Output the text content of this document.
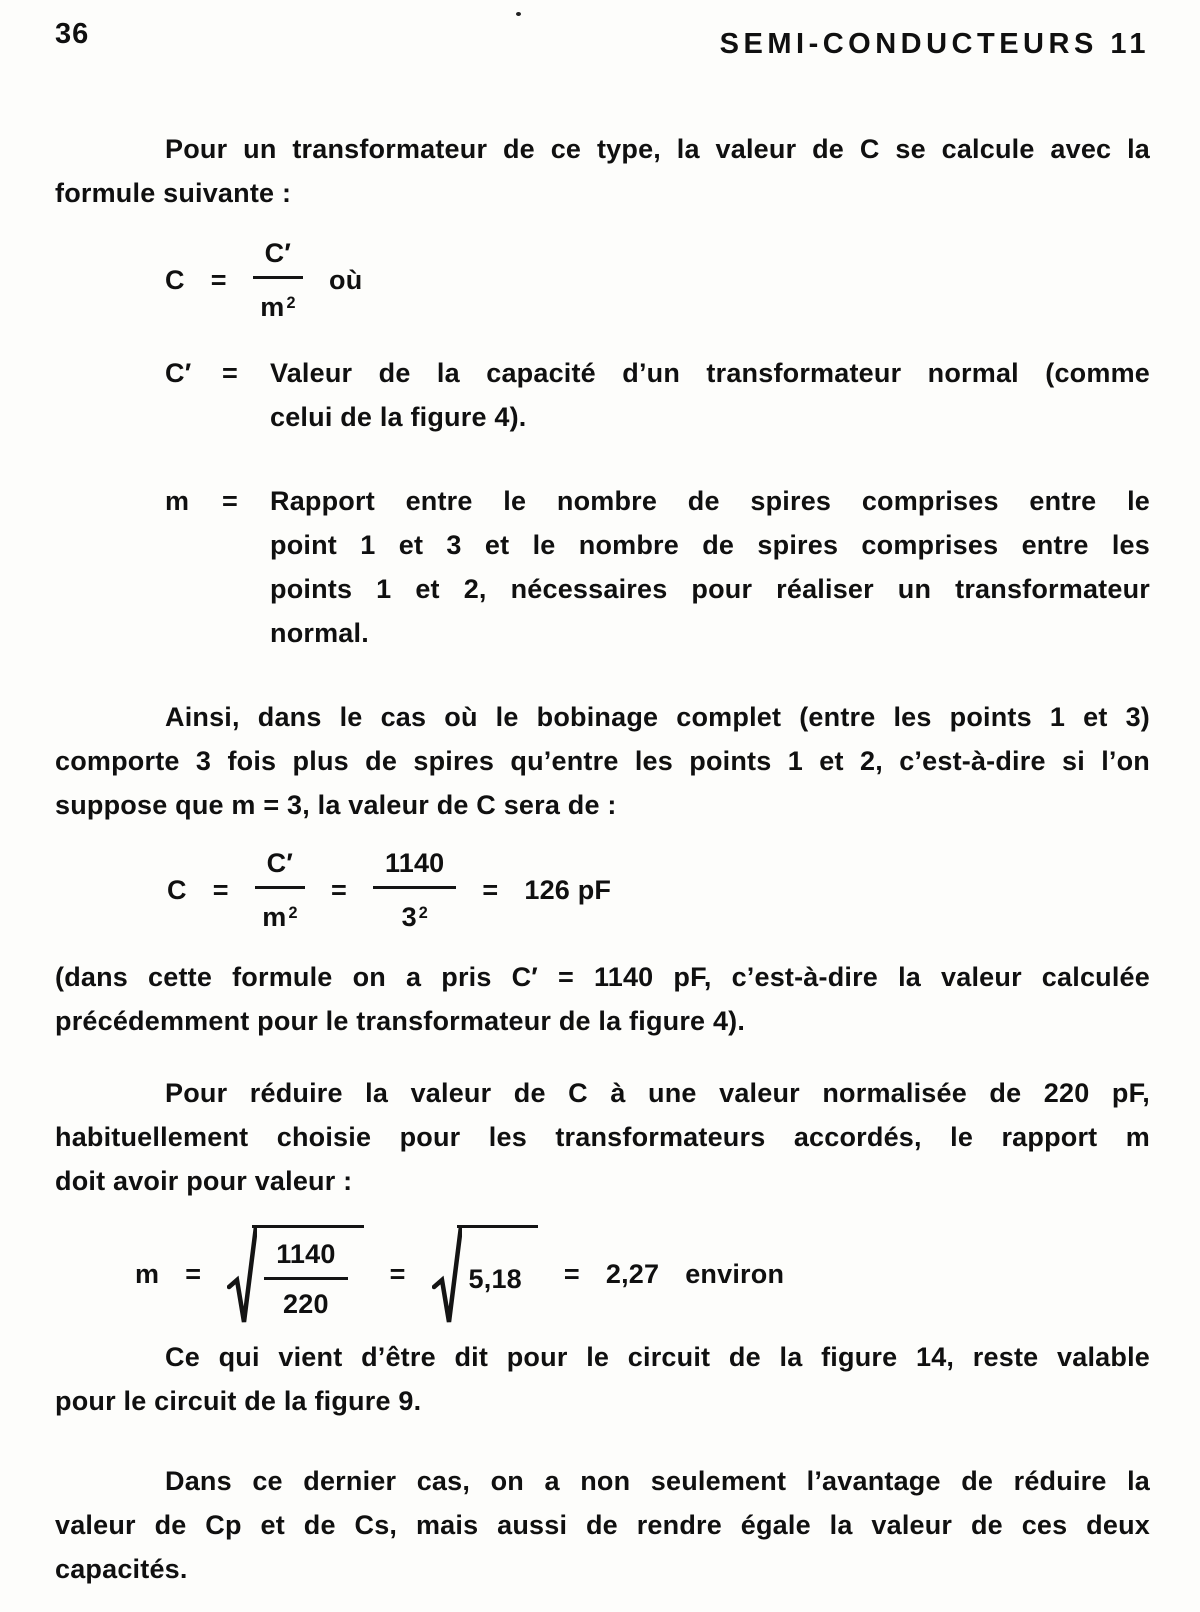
36	SEMI-CONDUCTEURS 11
Pour un transformateur de ce type, la valeur de C se calcule avec la
formule suivante :
$C = \frac{C'}{m ^2}$ où
C′	=	Valeur de la capacité d’un transformateur normal (comme
celui de la figure 4).
m	=	Rapport entre le nombre de spires comprises entre le
point 1 et 3 et le nombre de spires comprises entre les
points 1 et 2, nécessaires pour réaliser un transformateur
normal.
Ainsi, dans le cas où le bobinage complet (entre les points 1 et 3)
comporte 3 fois plus de spires qu’entre les points 1 et 2, c’est-à-dire si l’on
suppose que m = 3, la valeur de C sera de :
$C = \frac{C'}{m ^2} = \frac{1140}{3 ^2} = 126$ pF
(dans cette formule on a pris C′ = 1140 pF, c’est-à-dire la valeur calculée
précédemment pour le transformateur de la figure 4).
Pour réduire la valeur de C à une valeur normalisée de 220 pF,
habituellement choisie pour les transformateurs accordés, le rapport m
doit avoir pour valeur :
$m = \frac{1140}{220} = 5,18 = 2,27$ environ
Ce qui vient d’être dit pour le circuit de la figure 14, reste valable
pour le circuit de la figure 9.
Dans ce dernier cas, on a non seulement l’avantage de réduire la
valeur de Cp et de Cs, mais aussi de rendre égale la valeur de ces deux
capacités.
